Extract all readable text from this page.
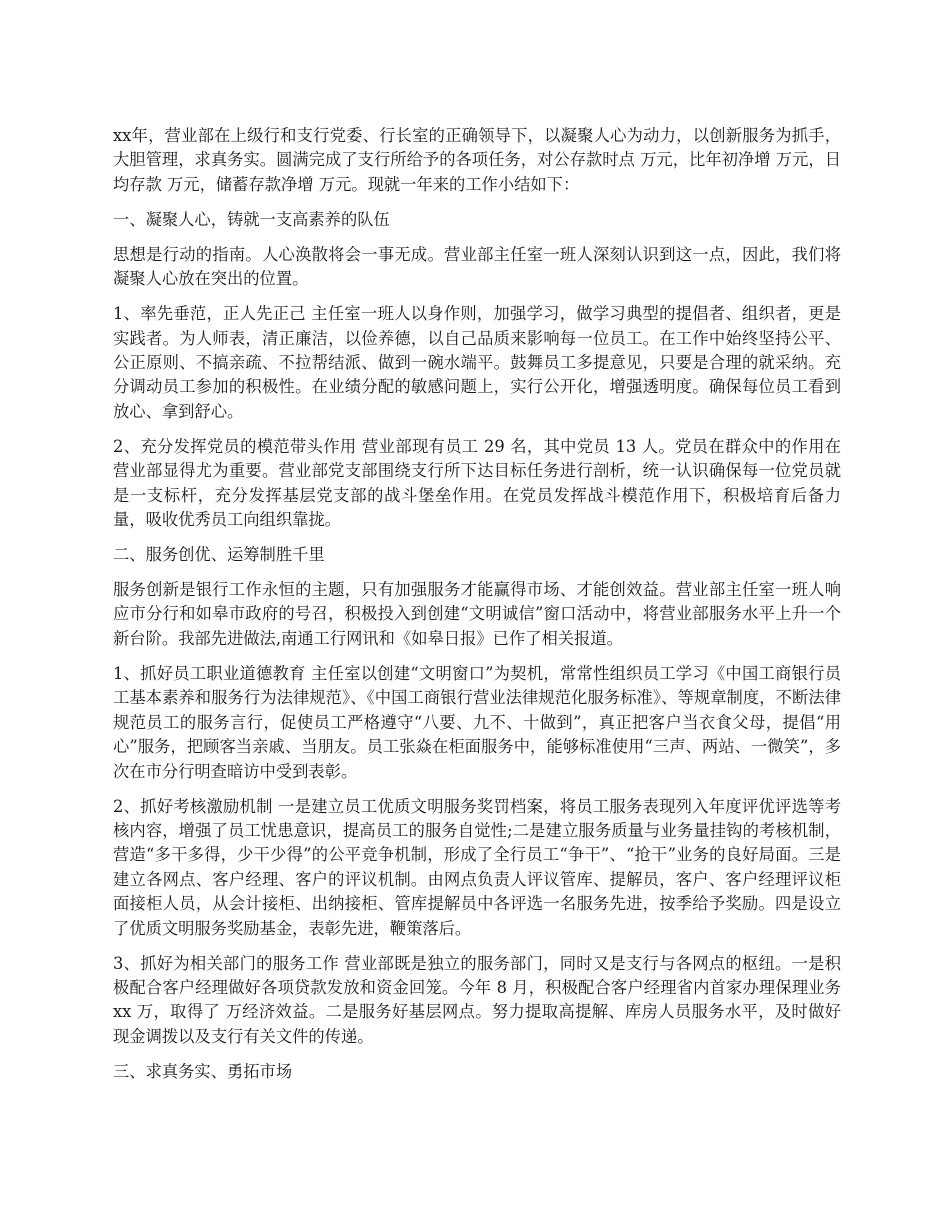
xx年，营业部在上级行和支行党委、行长室的正确领导下，以凝聚人心为动力，以创新服务为抓手，大胆管理，求真务实。圆满完成了支行所给予的各项任务，对公存款时点 万元，比年初净增 万元，日均存款 万元，储蓄存款净增 万元。现就一年来的工作小结如下：

一、凝聚人心，铸就一支高素养的队伍

思想是行动的指南。人心涣散将会一事无成。营业部主任室一班人深刻认识到这一点，因此，我们将凝聚人心放在突出的位置。

1、率先垂范，正人先正己 主任室一班人以身作则，加强学习，做学习典型的提倡者、组织者，更是实践者。为人师表，清正廉洁，以俭养德，以自己品质来影响每一位员工。在工作中始终坚持公平、公正原则、不搞亲疏、不拉帮结派、做到一碗水端平。鼓舞员工多提意见，只要是合理的就采纳。充分调动员工参加的积极性。在业绩分配的敏感问题上，实行公开化，增强透明度。确保每位员工看到放心、拿到舒心。

2、充分发挥党员的模范带头作用 营业部现有员工 29 名，其中党员 13 人。党员在群众中的作用在营业部显得尤为重要。营业部党支部围绕支行所下达目标任务进行剖析，统一认识确保每一位党员就是一支标杆，充分发挥基层党支部的战斗堡垒作用。在党员发挥战斗模范作用下，积极培育后备力量，吸收优秀员工向组织靠拢。

二、服务创优、运筹制胜千里

服务创新是银行工作永恒的主题，只有加强服务才能赢得市场、才能创效益。营业部主任室一班人响应市分行和如皋市政府的号召，积极投入到创建“文明诚信”窗口活动中，将营业部服务水平上升一个新台阶。我部先进做法,南通工行网讯和《如皋日报》已作了相关报道。

1、抓好员工职业道德教育 主任室以创建“文明窗口”为契机，常常性组织员工学习《中国工商银行员工基本素养和服务行为法律规范》、《中国工商银行营业法律规范化服务标准》、等规章制度，不断法律规范员工的服务言行，促使员工严格遵守“八要、九不、十做到”，真正把客户当衣食父母，提倡“用心”服务，把顾客当亲戚、当朋友。员工张焱在柜面服务中，能够标准使用“三声、两站、一微笑”，多次在市分行明查暗访中受到表彰。

2、抓好考核激励机制 一是建立员工优质文明服务奖罚档案，将员工服务表现列入年度评优评选等考核内容，增强了员工忧患意识，提高员工的服务自觉性;二是建立服务质量与业务量挂钩的考核机制，营造“多干多得，少干少得”的公平竞争机制，形成了全行员工“争干”、“抢干”业务的良好局面。三是建立各网点、客户经理、客户的评议机制。由网点负责人评议管库、提解员，客户、客户经理评议柜面接柜人员，从会计接柜、出纳接柜、管库提解员中各评选一名服务先进，按季给予奖励。四是设立了优质文明服务奖励基金，表彰先进，鞭策落后。

3、抓好为相关部门的服务工作 营业部既是独立的服务部门，同时又是支行与各网点的枢纽。一是积极配合客户经理做好各项贷款发放和资金回笼。今年 8 月，积极配合客户经理省内首家办理保理业务 xx 万，取得了 万经济效益。二是服务好基层网点。努力提取高提解、库房人员服务水平，及时做好现金调拨以及支行有关文件的传递。

三、求真务实、勇拓市场
